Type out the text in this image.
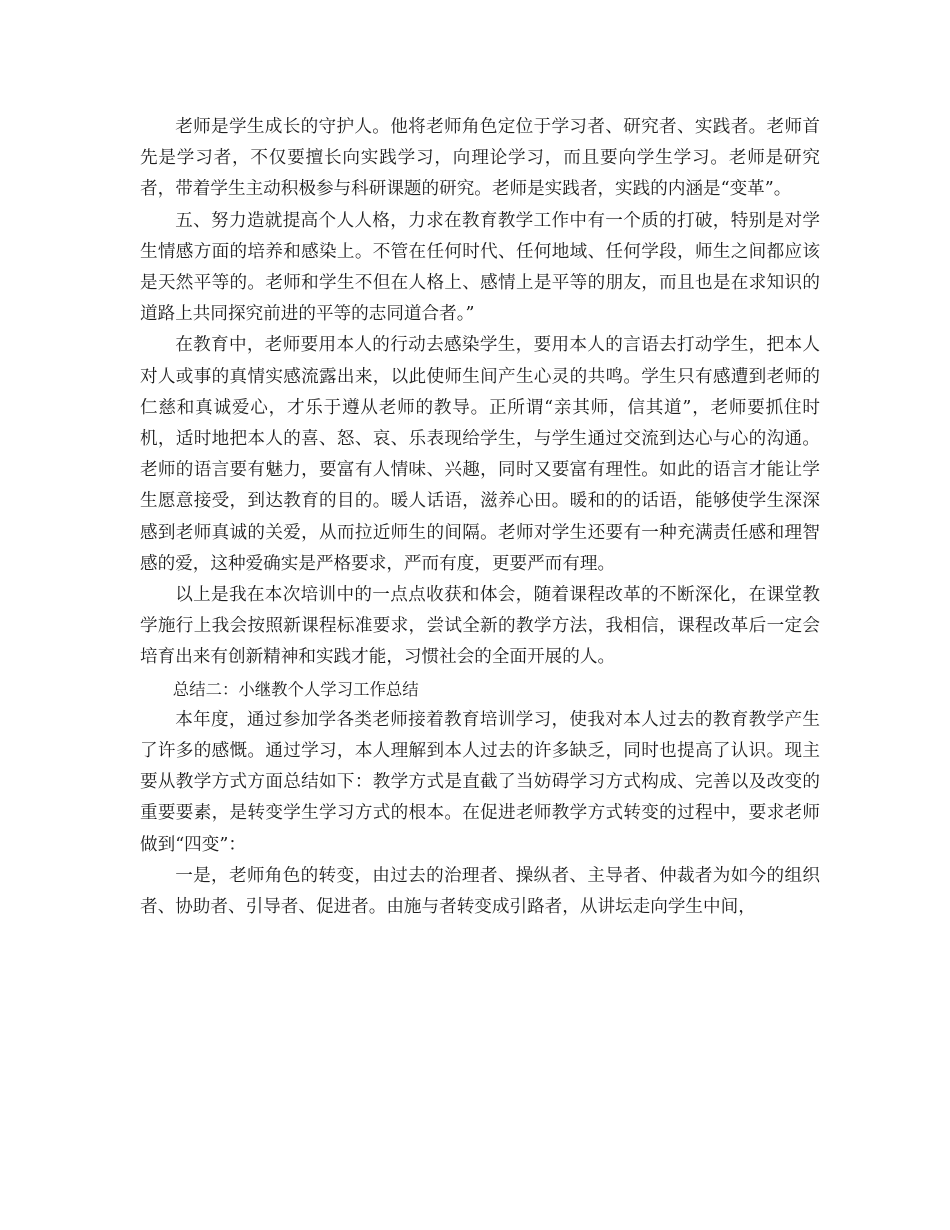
老师是学生成长的守护人。他将老师角色定位于学习者、研究者、实践者。老师首先是学习者，不仅要擅长向实践学习，向理论学习，而且要向学生学习。老师是研究者，带着学生主动积极参与科研课题的研究。老师是实践者，实践的内涵是“变革”。

五、努力造就提高个人人格，力求在教育教学工作中有一个质的打破，特别是对学生情感方面的培养和感染上。不管在任何时代、任何地域、任何学段，师生之间都应该是天然平等的。老师和学生不但在人格上、感情上是平等的朋友，而且也是在求知识的道路上共同探究前进的平等的志同道合者。”

在教育中，老师要用本人的行动去感染学生，要用本人的言语去打动学生，把本人对人或事的真情实感流露出来，以此使师生间产生心灵的共鸣。学生只有感遭到老师的仁慈和真诚爱心，才乐于遵从老师的教导。正所谓“亲其师，信其道”，老师要抓住时机，适时地把本人的喜、怒、哀、乐表现给学生，与学生通过交流到达心与心的沟通。老师的语言要有魅力，要富有人情味、兴趣，同时又要富有理性。如此的语言才能让学生愿意接受，到达教育的目的。暖人话语，滋养心田。暖和的的话语，能够使学生深深感到老师真诚的关爱，从而拉近师生的间隔。老师对学生还要有一种充满责任感和理智感的爱，这种爱确实是严格要求，严而有度，更要严而有理。

以上是我在本次培训中的一点点收获和体会，随着课程改革的不断深化，在课堂教学施行上我会按照新课程标准要求，尝试全新的教学方法，我相信，课程改革后一定会培育出来有创新精神和实践才能，习惯社会的全面开展的人。

总结二：小继教个人学习工作总结

本年度，通过参加学各类老师接着教育培训学习，使我对本人过去的教育教学产生了许多的感慨。通过学习，本人理解到本人过去的许多缺乏，同时也提高了认识。现主要从教学方式方面总结如下：教学方式是直截了当妨碍学习方式构成、完善以及改变的重要要素，是转变学生学习方式的根本。在促进老师教学方式转变的过程中，要求老师做到“四变”：

一是，老师角色的转变，由过去的治理者、操纵者、主导者、仲裁者为如今的组织者、协助者、引导者、促进者。由施与者转变成引路者，从讲坛走向学生中间，
